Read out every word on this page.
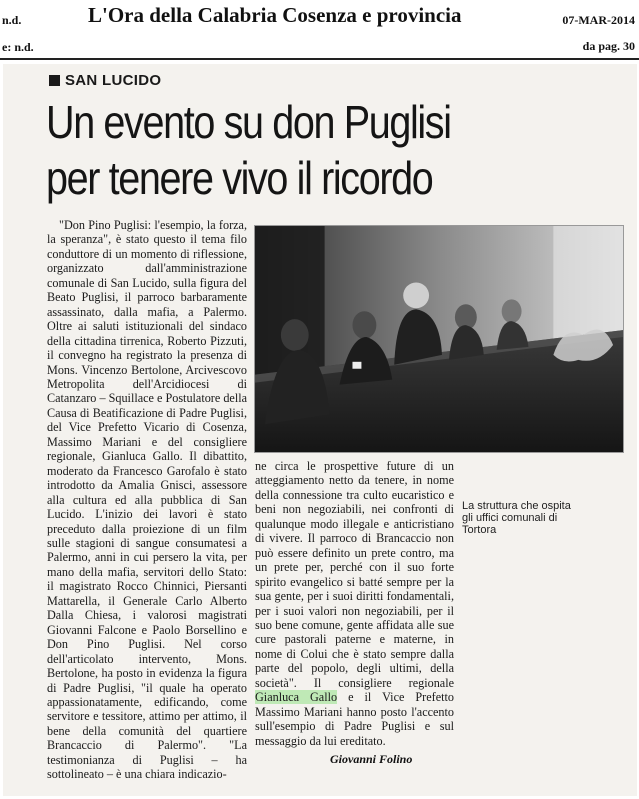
n.d.	L'Ora della Calabria Cosenza e provincia	07-MAR-2014
e: n.d.	da pag. 30
SAN LUCIDO
Un evento su don Puglisi
per tenere vivo il ricordo
"Don Pino Puglisi: l'esempio, la forza, la speranza", è stato questo il tema filo conduttore di un momento di riflessione, organizzato dall'amministrazione comunale di San Lucido, sulla figura del Beato Puglisi, il parroco barbaramente assassinato, dalla mafia, a Palermo. Oltre ai saluti istituzionali del sindaco della cittadina tirrenica, Roberto Pizzuti, il convegno ha registrato la presenza di Mons. Vincenzo Bertolone, Arcivescovo Metropolita dell'Arcidiocesi di Catanzaro – Squillace e Postulatore della Causa di Beatificazione di Padre Puglisi, del Vice Prefetto Vicario di Cosenza, Massimo Mariani e del consigliere regionale, Gianluca Gallo. Il dibattito, moderato da Francesco Garofalo è stato introdotto da Amalia Gnisci, assessore alla cultura ed alla pubblica di San Lucido. L'inizio dei lavori è stato preceduto dalla proiezione di un film sulle stagioni di sangue consumatesi a Palermo, anni in cui persero la vita, per mano della mafia, servitori dello Stato: il magistrato Rocco Chinnici, Piersanti Mattarella, il Generale Carlo Alberto Dalla Chiesa, i valorosi magistrati Giovanni Falcone e Paolo Borsellino e Don Pino Puglisi. Nel corso dell'articolato intervento, Mons. Bertolone, ha posto in evidenza la figura di Padre Puglisi, "il quale ha operato appassionatamente, edificando, come servitore e tessitore, attimo per attimo, il bene della comunità del quartiere Brancaccio di Palermo". "La testimonianza di Puglisi – ha sottolineato – è una chiara indicazio-
ne circa le prospettive future di un atteggiamento netto da tenere, in nome della connessione tra culto eucaristico e beni non negoziabili, nei confronti di qualunque modo illegale e anticristiano di vivere. Il parroco di Brancaccio non può essere definito un prete contro, ma un prete per, perché con il suo forte spirito evangelico si batté sempre per la sua gente, per i suoi diritti fondamentali, per i suoi valori non negoziabili, per il suo bene comune, gente affidata alle sue cure pastorali paterne e materne, in nome di Colui che è stato sempre dalla parte del popolo, degli ultimi, della società". Il consigliere regionale Gianluca Gallo e il Vice Prefetto Massimo Mariani hanno posto l'accento sull'esempio di Padre Puglisi e sul messaggio da lui ereditato.
La struttura che ospita gli uffici comunali di Tortora
Giovanni Folino
